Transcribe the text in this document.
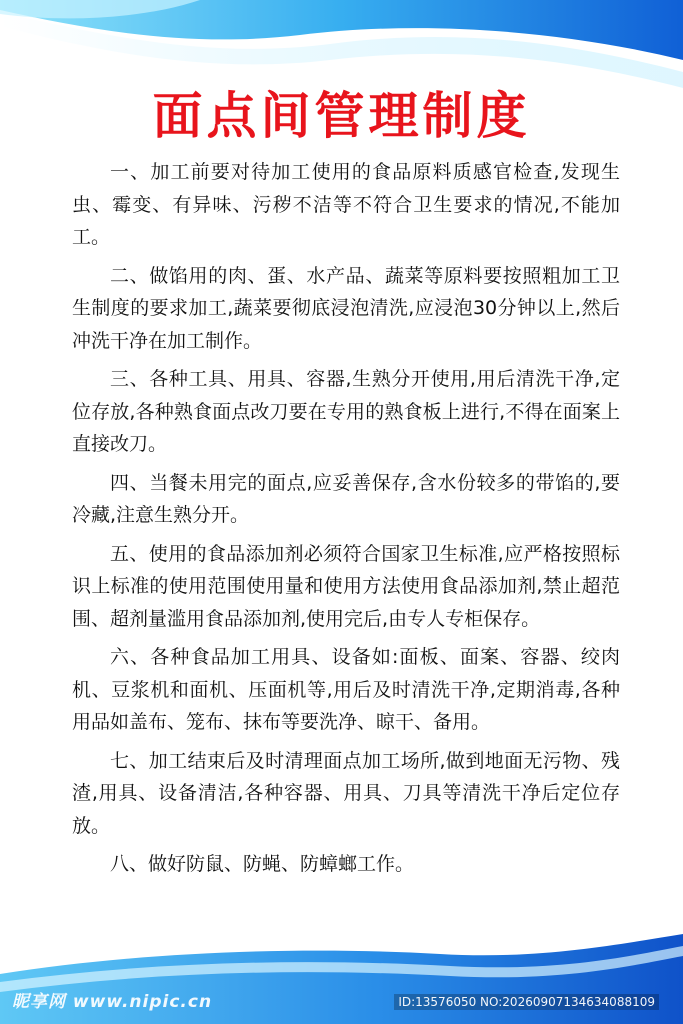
面点间管理制度

一、加工前要对待加工使用的食品原料质感官检查,发现生虫、霉变、有异味、污秽不洁等不符合卫生要求的情况,不能加工。

二、做馅用的肉、蛋、水产品、蔬菜等原料要按照粗加工卫生制度的要求加工,蔬菜要彻底浸泡清洗,应浸泡30分钟以上,然后冲洗干净在加工制作。

三、各种工具、用具、容器,生熟分开使用,用后清洗干净,定位存放,各种熟食面点改刀要在专用的熟食板上进行,不得在面案上直接改刀。

四、当餐未用完的面点,应妥善保存,含水份较多的带馅的,要冷藏,注意生熟分开。

五、使用的食品添加剂必须符合国家卫生标准,应严格按照标识上标准的使用范围使用量和使用方法使用食品添加剂,禁止超范围、超剂量滥用食品添加剂,使用完后,由专人专柜保存。

六、各种食品加工用具、设备如:面板、面案、容器、绞肉机、豆浆机和面机、压面机等,用后及时清洗干净,定期消毒,各种用品如盖布、笼布、抹布等要洗净、晾干、备用。

七、加工结束后及时清理面点加工场所,做到地面无污物、残渣,用具、设备清洁,各种容器、用具、刀具等清洗干净后定位存放。

八、做好防鼠、防蝇、防蟑螂工作。

昵享网 www.nipic.cn	ID:13576050 NO:20260907134634088109
